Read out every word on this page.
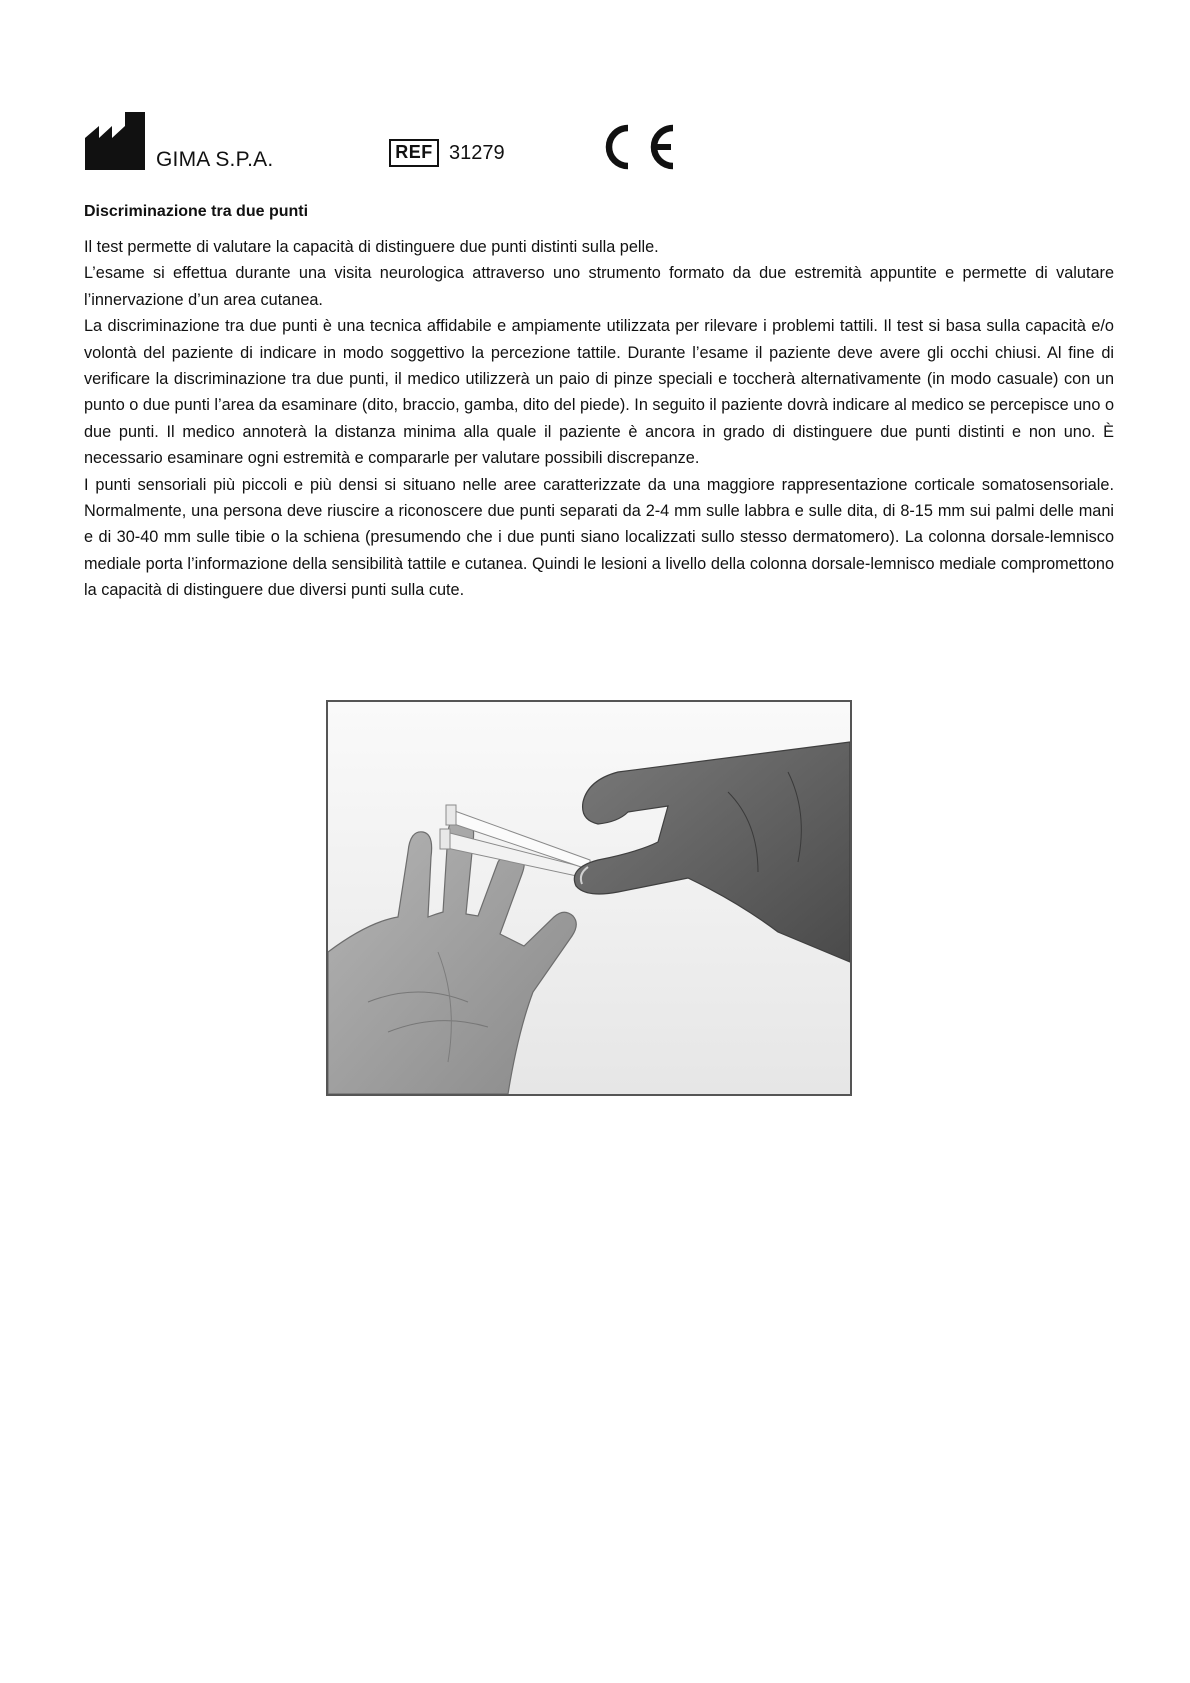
GIMA S.P.A.	REF 31279
Discriminazione tra due punti

Il test permette di valutare la capacità di distinguere due punti distinti sulla pelle.

L’esame si effettua durante una visita neurologica attraverso uno strumento formato da due estremità appuntite e permette di valutare l’innervazione d’un area cutanea.

La discriminazione tra due punti è una tecnica affidabile e ampiamente utilizzata per rilevare i problemi tattili. Il test si basa sulla capacità e/o volontà del paziente di indicare in modo soggettivo la percezione tattile. Durante l’esame il paziente deve avere gli occhi chiusi. Al fine di verificare la discriminazione tra due punti, il medico utilizzerà un paio di pinze speciali e toccherà alternativamente (in modo casuale) con un punto o due punti l’area da esaminare (dito, braccio, gamba, dito del piede). In seguito il paziente dovrà indicare al medico se percepisce uno o due punti. Il medico annoterà la distanza minima alla quale il paziente è ancora in grado di distinguere due punti distinti e non uno. È necessario esaminare ogni estremità e compararle per valutare possibili discrepanze.

I punti sensoriali più piccoli e più densi si situano nelle aree caratterizzate da una maggiore rappresentazione corticale somatosensoriale. Normalmente, una persona deve riuscire a riconoscere due punti separati da 2-4 mm sulle labbra e sulle dita, di 8-15 mm sui palmi delle mani e di 30-40 mm sulle tibie o la schiena (presumendo che i due punti siano localizzati sullo stesso dermatomero). La colonna dorsale-lemnisco mediale porta l’informazione della sensibilità tattile e cutanea. Quindi le lesioni a livello della colonna dorsale-lemnisco mediale compromettono la capacità di distinguere due diversi punti sulla cute.
